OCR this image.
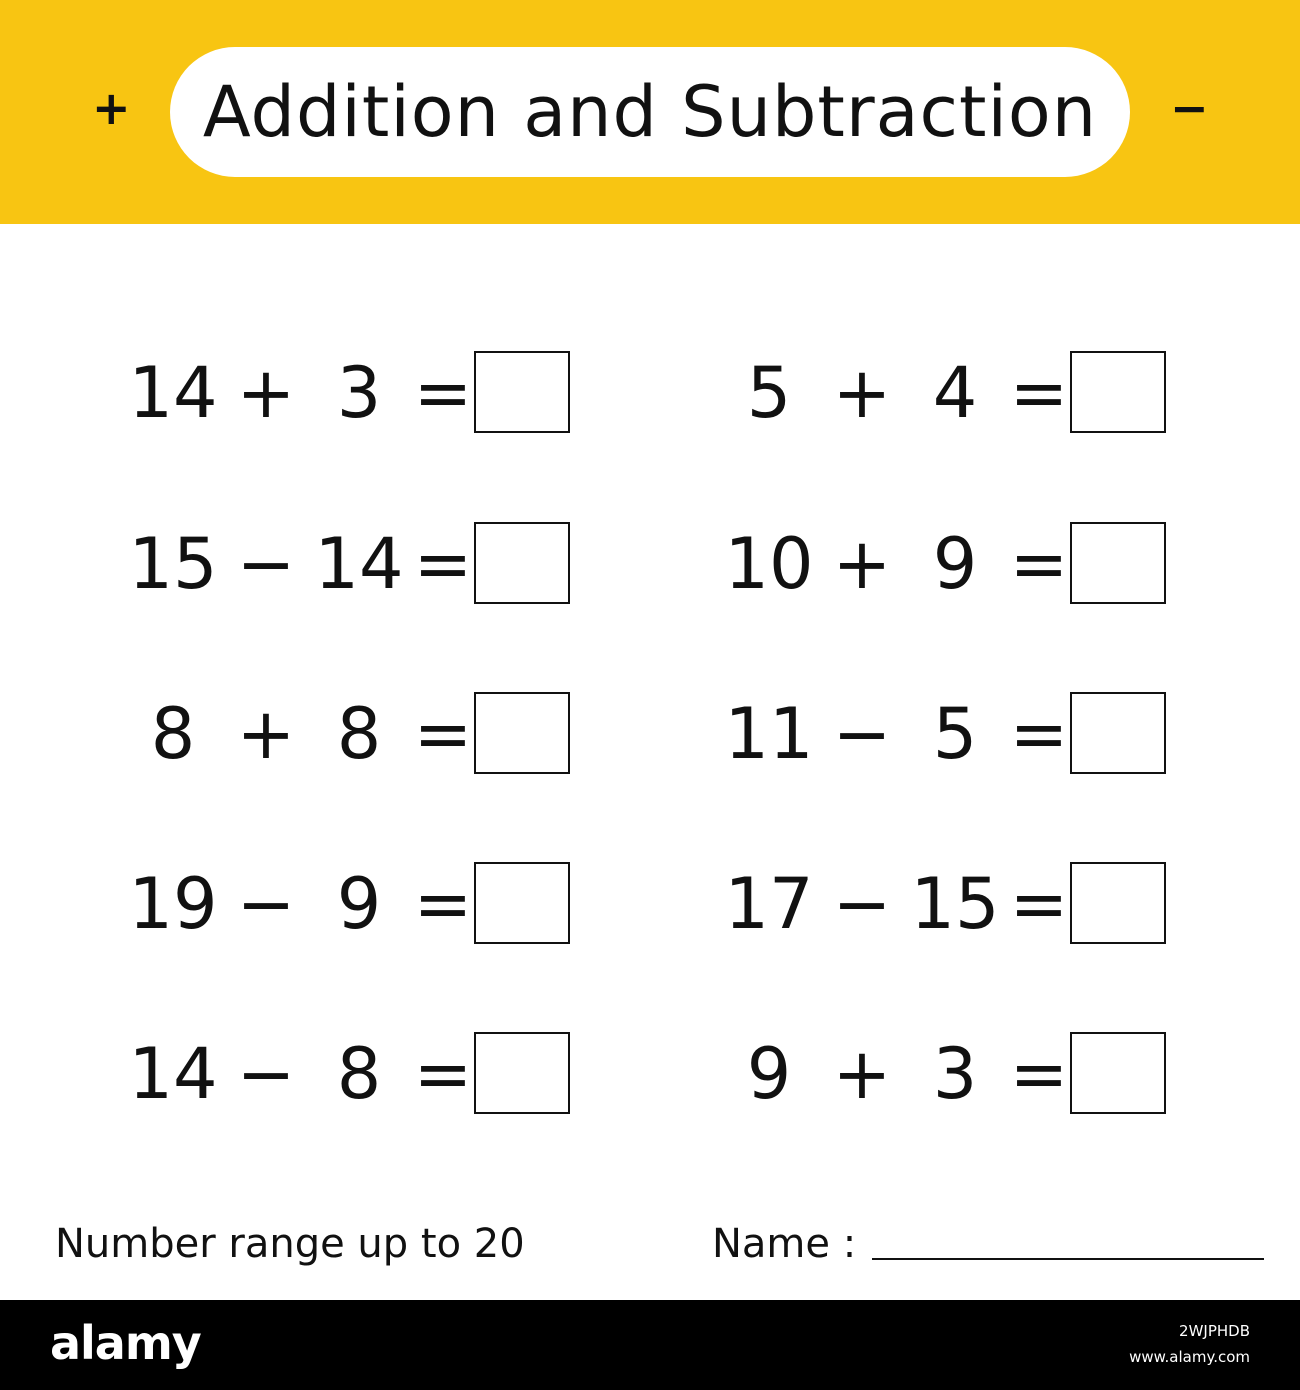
+ Addition and Subtraction −
14 + 3 =
15 − 14 =
8 + 8 =
19 − 9 =
14 − 8 =
5 + 4 =
10 + 9 =
11 − 5 =
17 − 15 =
9 + 3 =
Number range up to 20	Name :
alamy	2WJPHDB
www.alamy.com
